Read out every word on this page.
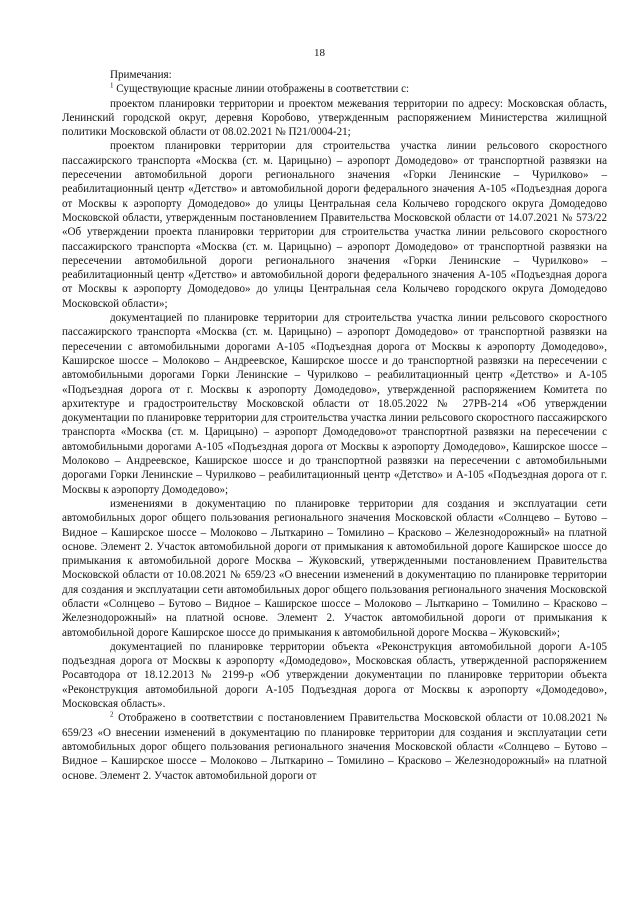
18

Примечания:

$^1$ Существующие красные линии отображены в соответствии с:

проектом планировки территории и проектом межевания территории по адресу: Московская область, Ленинский городской округ, деревня Коробово, утвержденным распоряжением Министерства жилищной политики Московской области от 08.02.2021 № П21/0004-21;

проектом планировки территории для строительства участка линии рельсового скоростного пассажирского транспорта «Москва (ст. м. Царицыно) – аэропорт Домодедово» от транспортной развязки на пересечении автомобильной дороги регионального значения «Горки Ленинские – Чурилково» – реабилитационный центр «Детство» и автомобильной дороги федерального значения А-105 «Подъездная дорога от Москвы к аэропорту Домодедово» до улицы Центральная села Колычево городского округа Домодедово Московской области, утвержденным постановлением Правительства Московской области от 14.07.2021 № 573/22 «Об утверждении проекта планировки территории для строительства участка линии рельсового скоростного пассажирского транспорта «Москва (ст. м. Царицыно) – аэропорт Домодедово» от транспортной развязки на пересечении автомобильной дороги регионального значения «Горки Ленинские – Чурилково» – реабилитационный центр «Детство» и автомобильной дороги федерального значения А-105 «Подъездная дорога от Москвы к аэропорту Домодедово» до улицы Центральная села Колычево городского округа Домодедово Московской области»;

документацией по планировке территории для строительства участка линии рельсового скоростного пассажирского транспорта «Москва (ст. м. Царицыно) – аэропорт Домодедово» от транспортной развязки на пересечении с автомобильными дорогами А-105 «Подъездная дорога от Москвы к аэропорту Домодедово», Каширское шоссе – Молоково – Андреевское, Каширское шоссе и до транспортной развязки на пересечении с автомобильными дорогами Горки Ленинские – Чурилково – реабилитационный центр «Детство» и А-105 «Подъездная дорога от г. Москвы к аэропорту Домодедово», утвержденной распоряжением Комитета по архитектуре и градостроительству Московской области от 18.05.2022 № 27РВ-214 «Об утверждении документации по планировке территории для строительства участка линии рельсового скоростного пассажирского транспорта «Москва (ст. м. Царицыно) – аэропорт Домодедово»от транспортной развязки на пересечении с автомобильными дорогами А-105 «Подъездная дорога от Москвы к аэропорту Домодедово», Каширское шоссе – Молоково – Андреевское, Каширское шоссе и до транспортной развязки на пересечении с автомобильными дорогами Горки Ленинские – Чурилково – реабилитационный центр «Детство» и А-105 «Подъездная дорога от г. Москвы к аэропорту Домодедово»;

изменениями в документацию по планировке территории для создания и эксплуатации сети автомобильных дорог общего пользования регионального значения Московской области «Солнцево – Бутово – Видное – Каширское шоссе – Молоково – Лыткарино – Томилино – Красково – Железнодорожный» на платной основе. Элемент 2. Участок автомобильной дороги от примыкания к автомобильной дороге Каширское шоссе до примыкания к автомобильной дороге Москва – Жуковский, утвержденными постановлением Правительства Московской области от 10.08.2021 № 659/23 «О внесении изменений в документацию по планировке территории для создания и эксплуатации сети автомобильных дорог общего пользования регионального значения Московской области «Солнцево – Бутово – Видное – Каширское шоссе – Молоково – Лыткарино – Томилино – Красково – Железнодорожный» на платной основе. Элемент 2. Участок автомобильной дороги от примыкания к автомобильной дороге Каширское шоссе до примыкания к автомобильной дороге Москва – Жуковский»;

документацией по планировке территории объекта «Реконструкция автомобильной дороги А-105 подъездная дорога от Москвы к аэропорту «Домодедово», Московская область, утвержденной распоряжением Росавтодора от 18.12.2013 № 2199-р «Об утверждении документации по планировке территории объекта «Реконструкция автомобильной дороги А-105 Подъездная дорога от Москвы к аэропорту «Домодедово», Московская область».

$^2$ Отображено в соответствии с постановлением Правительства Московской области от 10.08.2021 № 659/23 «О внесении изменений в документацию по планировке территории для создания и эксплуатации сети автомобильных дорог общего пользования регионального значения Московской области «Солнцево – Бутово – Видное – Каширское шоссе – Молоково – Лыткарино – Томилино – Красково – Железнодорожный» на платной основе. Элемент 2. Участок автомобильной дороги от
